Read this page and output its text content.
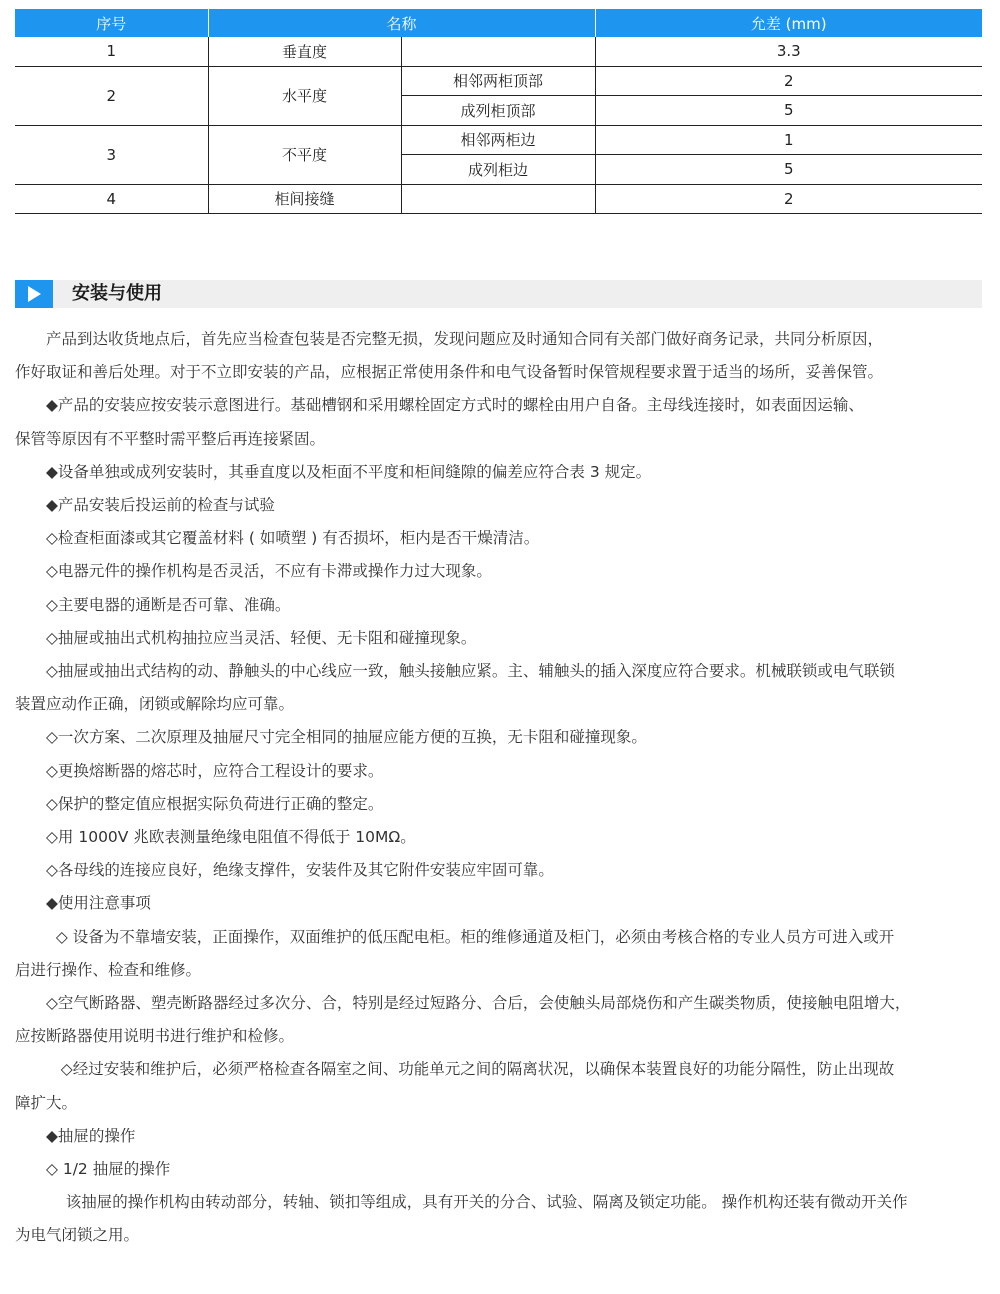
序号	名称		允差 (mm)
1	垂直度		3.3
2	水平度	相邻两柜顶部	2
		成列柜顶部	5
3	不平度	相邻两柜边	1
		成列柜边	5
4	柜间接缝		2
安装与使用

产品到达收货地点后，首先应当检查包装是否完整无损，发现问题应及时通知合同有关部门做好商务记录，共同分析原因，

作好取证和善后处理。对于不立即安装的产品，应根据正常使用条件和电气设备暂时保管规程要求置于适当的场所，妥善保管。

◆产品的安装应按安装示意图进行。基础槽钢和采用螺栓固定方式时的螺栓由用户自备。主母线连接时，如表面因运输、

保管等原因有不平整时需平整后再连接紧固。

◆设备单独或成列安装时，其垂直度以及柜面不平度和柜间缝隙的偏差应符合表 3 规定。

◆产品安装后投运前的检查与试验

◇检查柜面漆或其它覆盖材料 ( 如喷塑 ) 有否损坏，柜内是否干燥清洁。

◇电器元件的操作机构是否灵活，不应有卡滞或操作力过大现象。

◇主要电器的通断是否可靠、准确。

◇抽屉或抽出式机构抽拉应当灵活、轻便、无卡阻和碰撞现象。

◇抽屉或抽出式结构的动、静触头的中心线应一致，触头接触应紧。主、辅触头的插入深度应符合要求。机械联锁或电气联锁

装置应动作正确，闭锁或解除均应可靠。

◇一次方案、二次原理及抽屉尺寸完全相同的抽屉应能方便的互换，无卡阻和碰撞现象。

◇更换熔断器的熔芯时，应符合工程设计的要求。

◇保护的整定值应根据实际负荷进行正确的整定。

◇用 1000V 兆欧表测量绝缘电阻值不得低于 10MΩ。

◇各母线的连接应良好，绝缘支撑件，安装件及其它附件安装应牢固可靠。

◆使用注意事项

◇ 设备为不靠墙安装，正面操作，双面维护的低压配电柜。柜的维修通道及柜门，必须由考核合格的专业人员方可进入或开

启进行操作、检查和维修。

◇空气断路器、塑壳断路器经过多次分、合，特别是经过短路分、合后，会使触头局部烧伤和产生碳类物质，使接触电阻增大，

应按断路器使用说明书进行维护和检修。

◇经过安装和维护后，必须严格检查各隔室之间、功能单元之间的隔离状况，以确保本装置良好的功能分隔性，防止出现故

障扩大。

◆抽屉的操作

◇ 1/2 抽屉的操作

该抽屉的操作机构由转动部分，转轴、锁扣等组成，具有开关的分合、试验、隔离及锁定功能。 操作机构还装有微动开关作

为电气闭锁之用。
